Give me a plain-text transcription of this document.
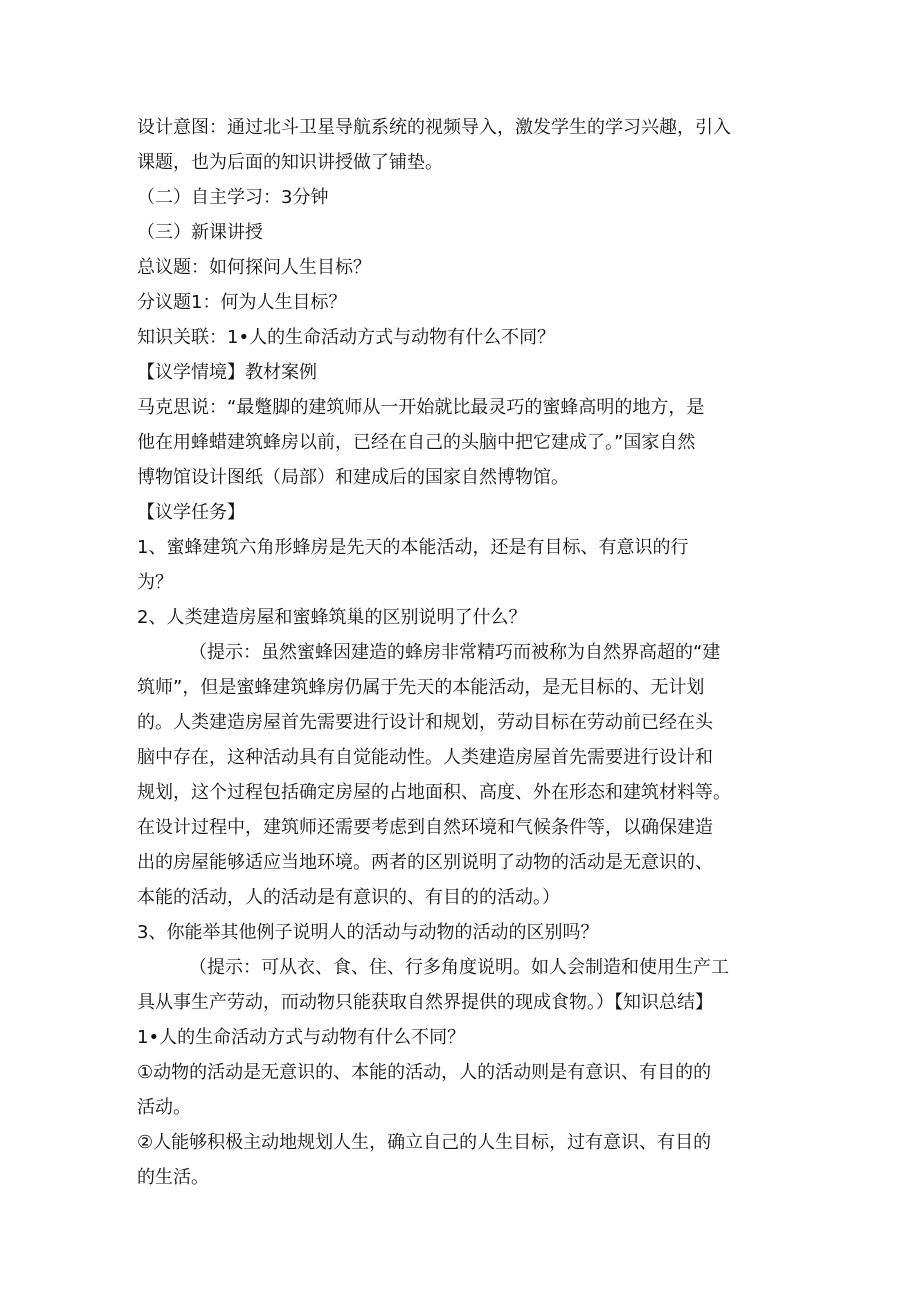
设计意图：通过北斗卫星导航系统的视频导入，激发学生的学习兴趣，引入

课题，也为后面的知识讲授做了铺垫。

（二）自主学习：3分钟

（三）新课讲授

总议题：如何探问人生目标？

分议题1：何为人生目标？

知识关联：1•人的生命活动方式与动物有什么不同？

【议学情境】教材案例

马克思说：“最蹩脚的建筑师从一开始就比最灵巧的蜜蜂高明的地方，是

他在用蜂蜡建筑蜂房以前，已经在自己的头脑中把它建成了。”国家自然

博物馆设计图纸（局部）和建成后的国家自然博物馆。

【议学任务】

1、蜜蜂建筑六角形蜂房是先天的本能活动，还是有目标、有意识的行

为？

2、人类建造房屋和蜜蜂筑巢的区别说明了什么？

（提示：虽然蜜蜂因建造的蜂房非常精巧而被称为自然界高超的“建

筑师”，但是蜜蜂建筑蜂房仍属于先天的本能活动，是无目标的、无计划

的。人类建造房屋首先需要进行设计和规划，劳动目标在劳动前已经在头

脑中存在，这种活动具有自觉能动性。人类建造房屋首先需要进行设计和

规划，这个过程包括确定房屋的占地面积、高度、外在形态和建筑材料等。

在设计过程中，建筑师还需要考虑到自然环境和气候条件等，以确保建造

出的房屋能够适应当地环境。两者的区别说明了动物的活动是无意识的、

本能的活动，人的活动是有意识的、有目的的活动。）

3、你能举其他例子说明人的活动与动物的活动的区别吗？

（提示：可从衣、食、住、行多角度说明。如人会制造和使用生产工

具从事生产劳动，而动物只能获取自然界提供的现成食物。）【知识总结】

1•人的生命活动方式与动物有什么不同？

①动物的活动是无意识的、本能的活动，人的活动则是有意识、有目的的

活动。

②人能够积极主动地规划人生，确立自己的人生目标，过有意识、有目的

的生活。
